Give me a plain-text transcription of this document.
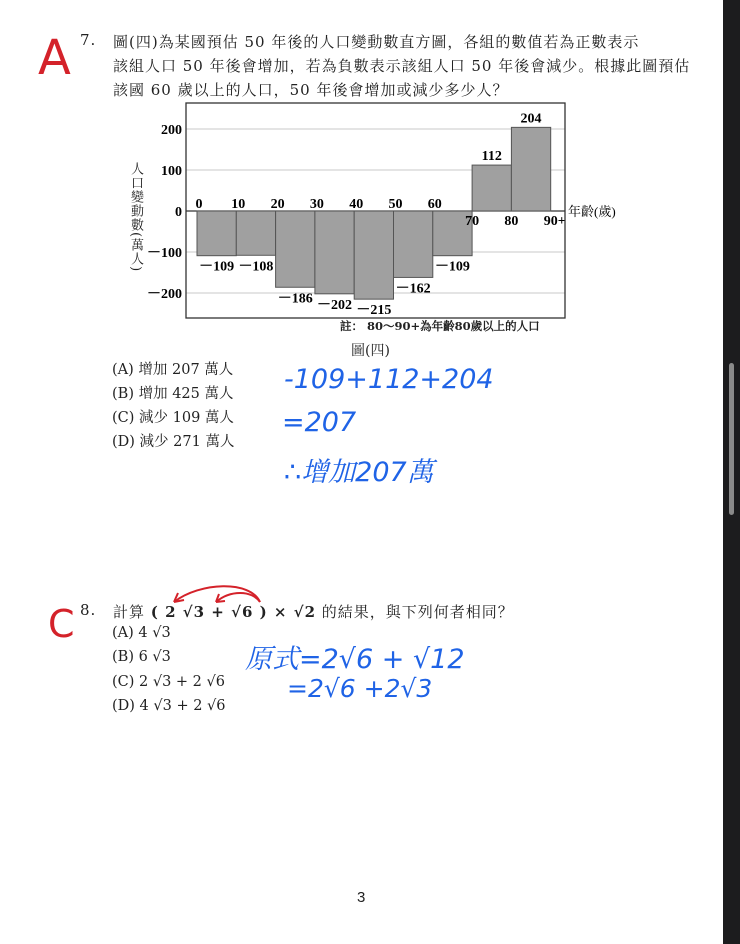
A 7. 圖(四)為某國預估 50 年後的人口變動數直方圖，各組的數值若為正數表示
該組人口 50 年後會增加，若為負數表示該組人口 50 年後會減少。根據此圖預估
該國 60 歲以上的人口，50 年後會增加或減少多少人？
人口變動數(萬人)
200
100
0
－100
－200
－109 －108
－186 －202 －215
－162
－109
112
204
0 10 20 30 40 50 60
70 80 90+
年齡(歲)
註： 80～90+為年齡80歲以上的人口
圖(四)
(A) 增加 207 萬人
(B) 增加 425 萬人
(C) 減少 109 萬人
(D) 減少 271 萬人
-109+112+204
=207
∴增加207萬
C 8. 計算 ( 2 √3 + √6 ) × √2 的結果，與下列何者相同？
(A) 4 √3
(B) 6 √3
(C) 2 √3 + 2 √6
(D) 4 √3 + 2 √6
原式=2√6 + √12
=2√6 +2√3
3
